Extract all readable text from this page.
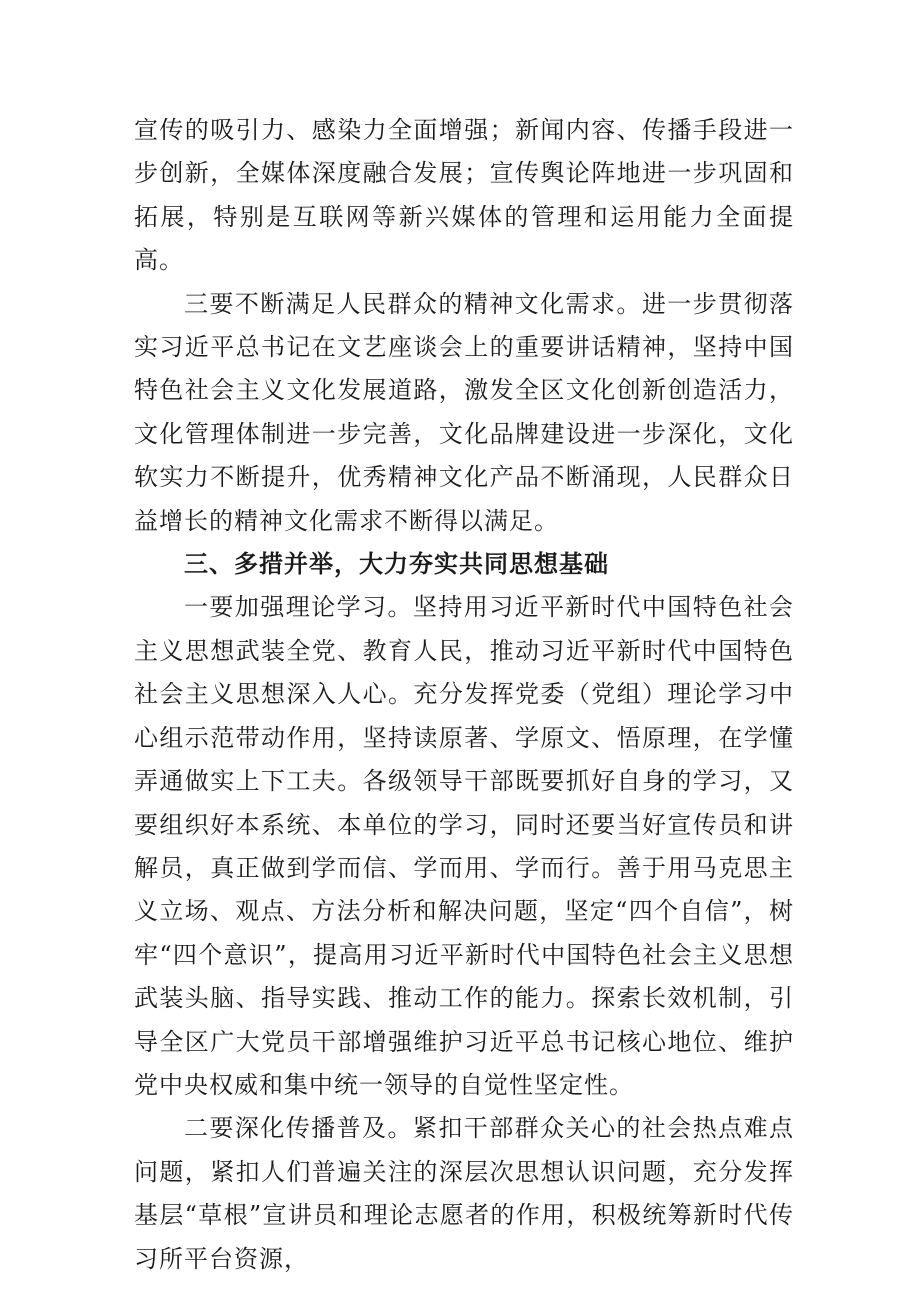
宣传的吸引力、感染力全面增强；新闻内容、传播手段进一步创新，全媒体深度融合发展；宣传舆论阵地进一步巩固和拓展，特别是互联网等新兴媒体的管理和运用能力全面提高。

三要不断满足人民群众的精神文化需求。进一步贯彻落实习近平总书记在文艺座谈会上的重要讲话精神，坚持中国特色社会主义文化发展道路，激发全区文化创新创造活力，文化管理体制进一步完善，文化品牌建设进一步深化，文化软实力不断提升，优秀精神文化产品不断涌现，人民群众日益增长的精神文化需求不断得以满足。

三、多措并举，大力夯实共同思想基础

一要加强理论学习。坚持用习近平新时代中国特色社会主义思想武装全党、教育人民，推动习近平新时代中国特色社会主义思想深入人心。充分发挥党委（党组）理论学习中心组示范带动作用，坚持读原著、学原文、悟原理，在学懂弄通做实上下工夫。各级领导干部既要抓好自身的学习，又要组织好本系统、本单位的学习，同时还要当好宣传员和讲解员，真正做到学而信、学而用、学而行。善于用马克思主义立场、观点、方法分析和解决问题，坚定“四个自信”，树牢“四个意识”，提高用习近平新时代中国特色社会主义思想武装头脑、指导实践、推动工作的能力。探索长效机制，引导全区广大党员干部增强维护习近平总书记核心地位、维护党中央权威和集中统一领导的自觉性坚定性。

二要深化传播普及。紧扣干部群众关心的社会热点难点问题，紧扣人们普遍关注的深层次思想认识问题，充分发挥基层“草根”宣讲员和理论志愿者的作用，积极统筹新时代传习所平台资源，
